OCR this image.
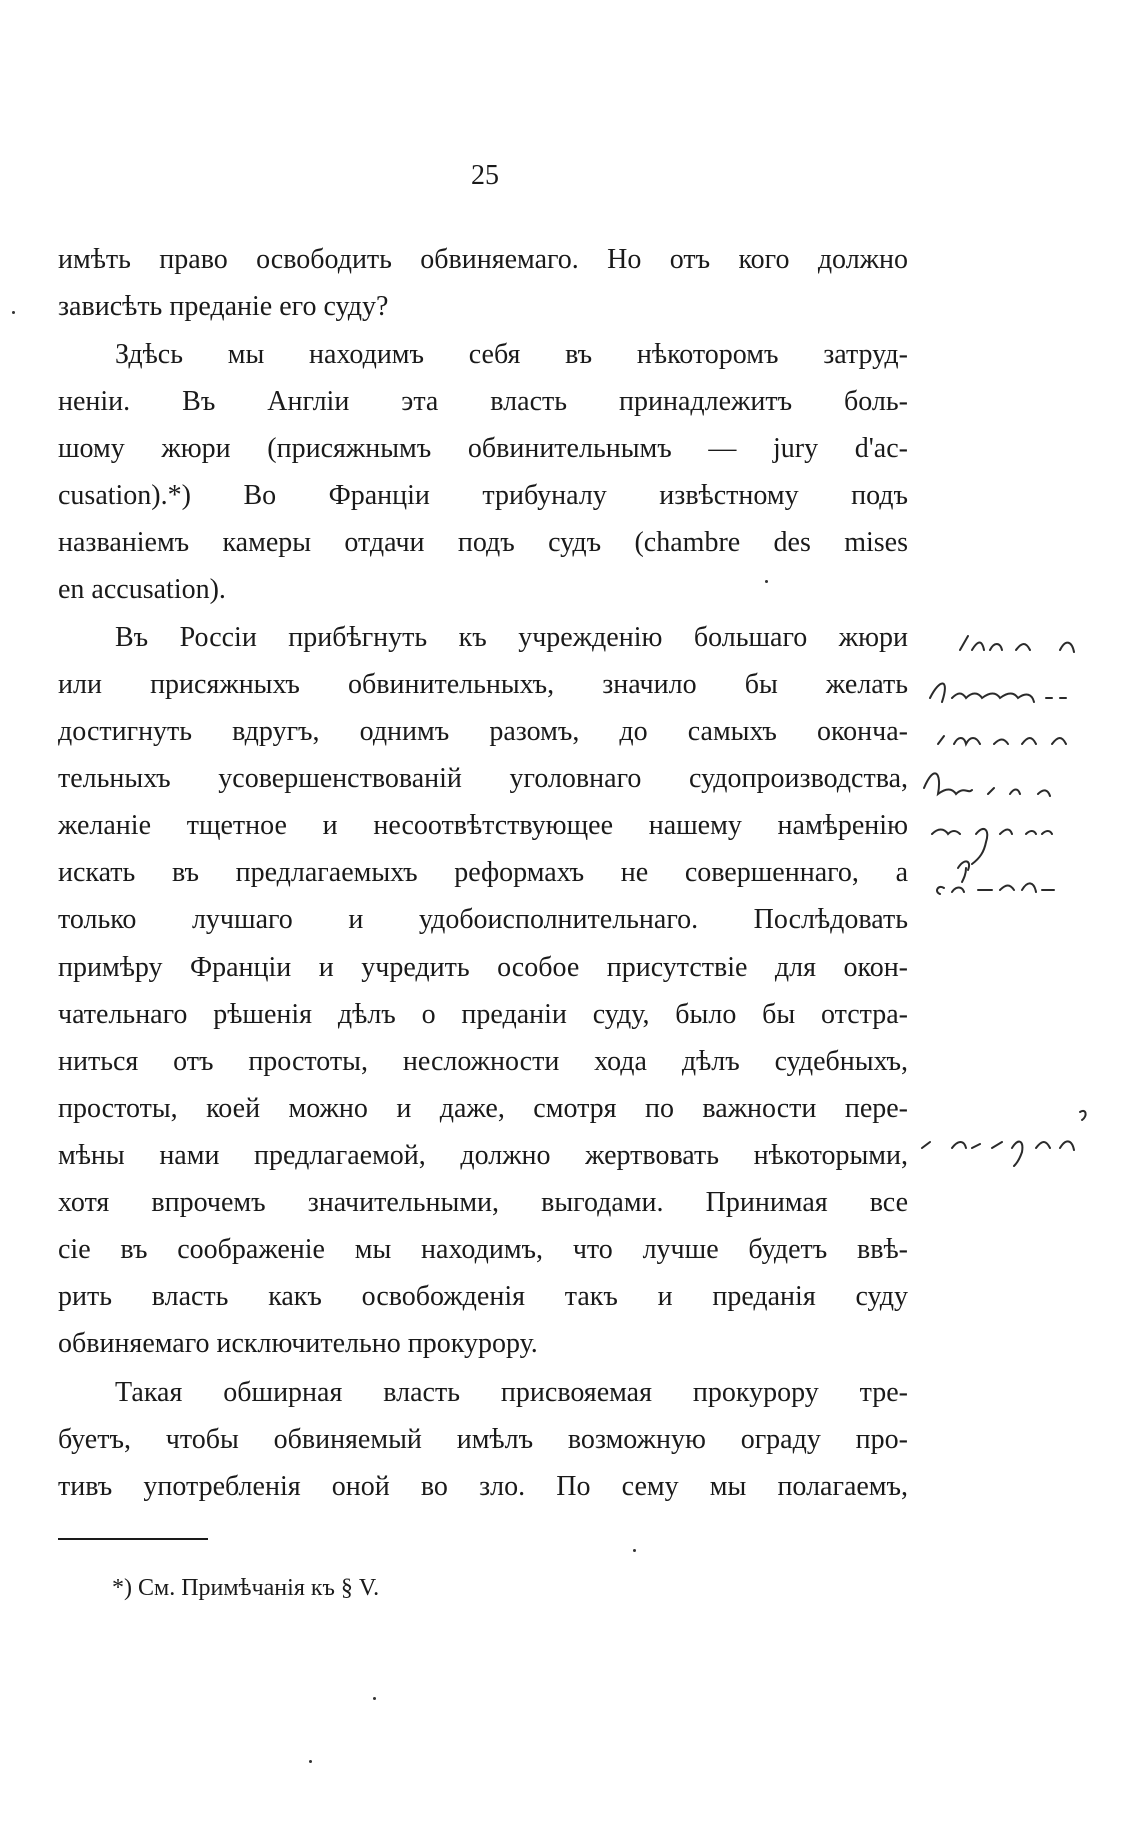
25
имѣть право освободить обвиняемаго. Но отъ кого должно
зависѣть преданіе его суду?
Здѣсь мы находимъ себя въ нѣкоторомъ затруд-
неніи. Въ Англіи эта власть принадлежитъ боль-
шому жюри (присяжнымъ обвинительнымъ — jury d'ac-
cusation).*) Во Франціи трибуналу извѣстному подъ
названіемъ камеры отдачи подъ судъ (chambre des mises
en accusation).
Въ Россіи прибѣгнуть къ учрежденію большаго жюри
или присяжныхъ обвинительныхъ, значило бы желать
достигнуть вдругъ, однимъ разомъ, до самыхъ оконча-
тельныхъ усовершенствованій уголовнаго судопроизводства,
желаніе тщетное и несоотвѣтствующее нашему намѣренію
искать въ предлагаемыхъ реформахъ не совершеннаго, а
только лучшаго и удобоисполнительнаго. Послѣдовать
примѣру Франціи и учредить особое присутствіе для окон-
чательнаго рѣшенія дѣлъ о преданіи суду, было бы отстра-
ниться отъ простоты, несложности хода дѣлъ судебныхъ,
простоты, коей можно и даже, смотря по важности пере-
мѣны нами предлагаемой, должно жертвовать нѣкоторыми,
хотя впрочемъ значительными, выгодами. Принимая все
сіе въ соображеніе мы находимъ, что лучше будетъ ввѣ-
рить власть какъ освобожденія такъ и преданія суду
обвиняемаго исключительно прокурору.
Такая обширная власть присвояемая прокурору тре-
буетъ, чтобы обвиняемый имѣлъ возможную ограду про-
тивъ употребленія оной во зло. По сему мы полагаемъ,
*) См. Примѣчанія къ § V.
